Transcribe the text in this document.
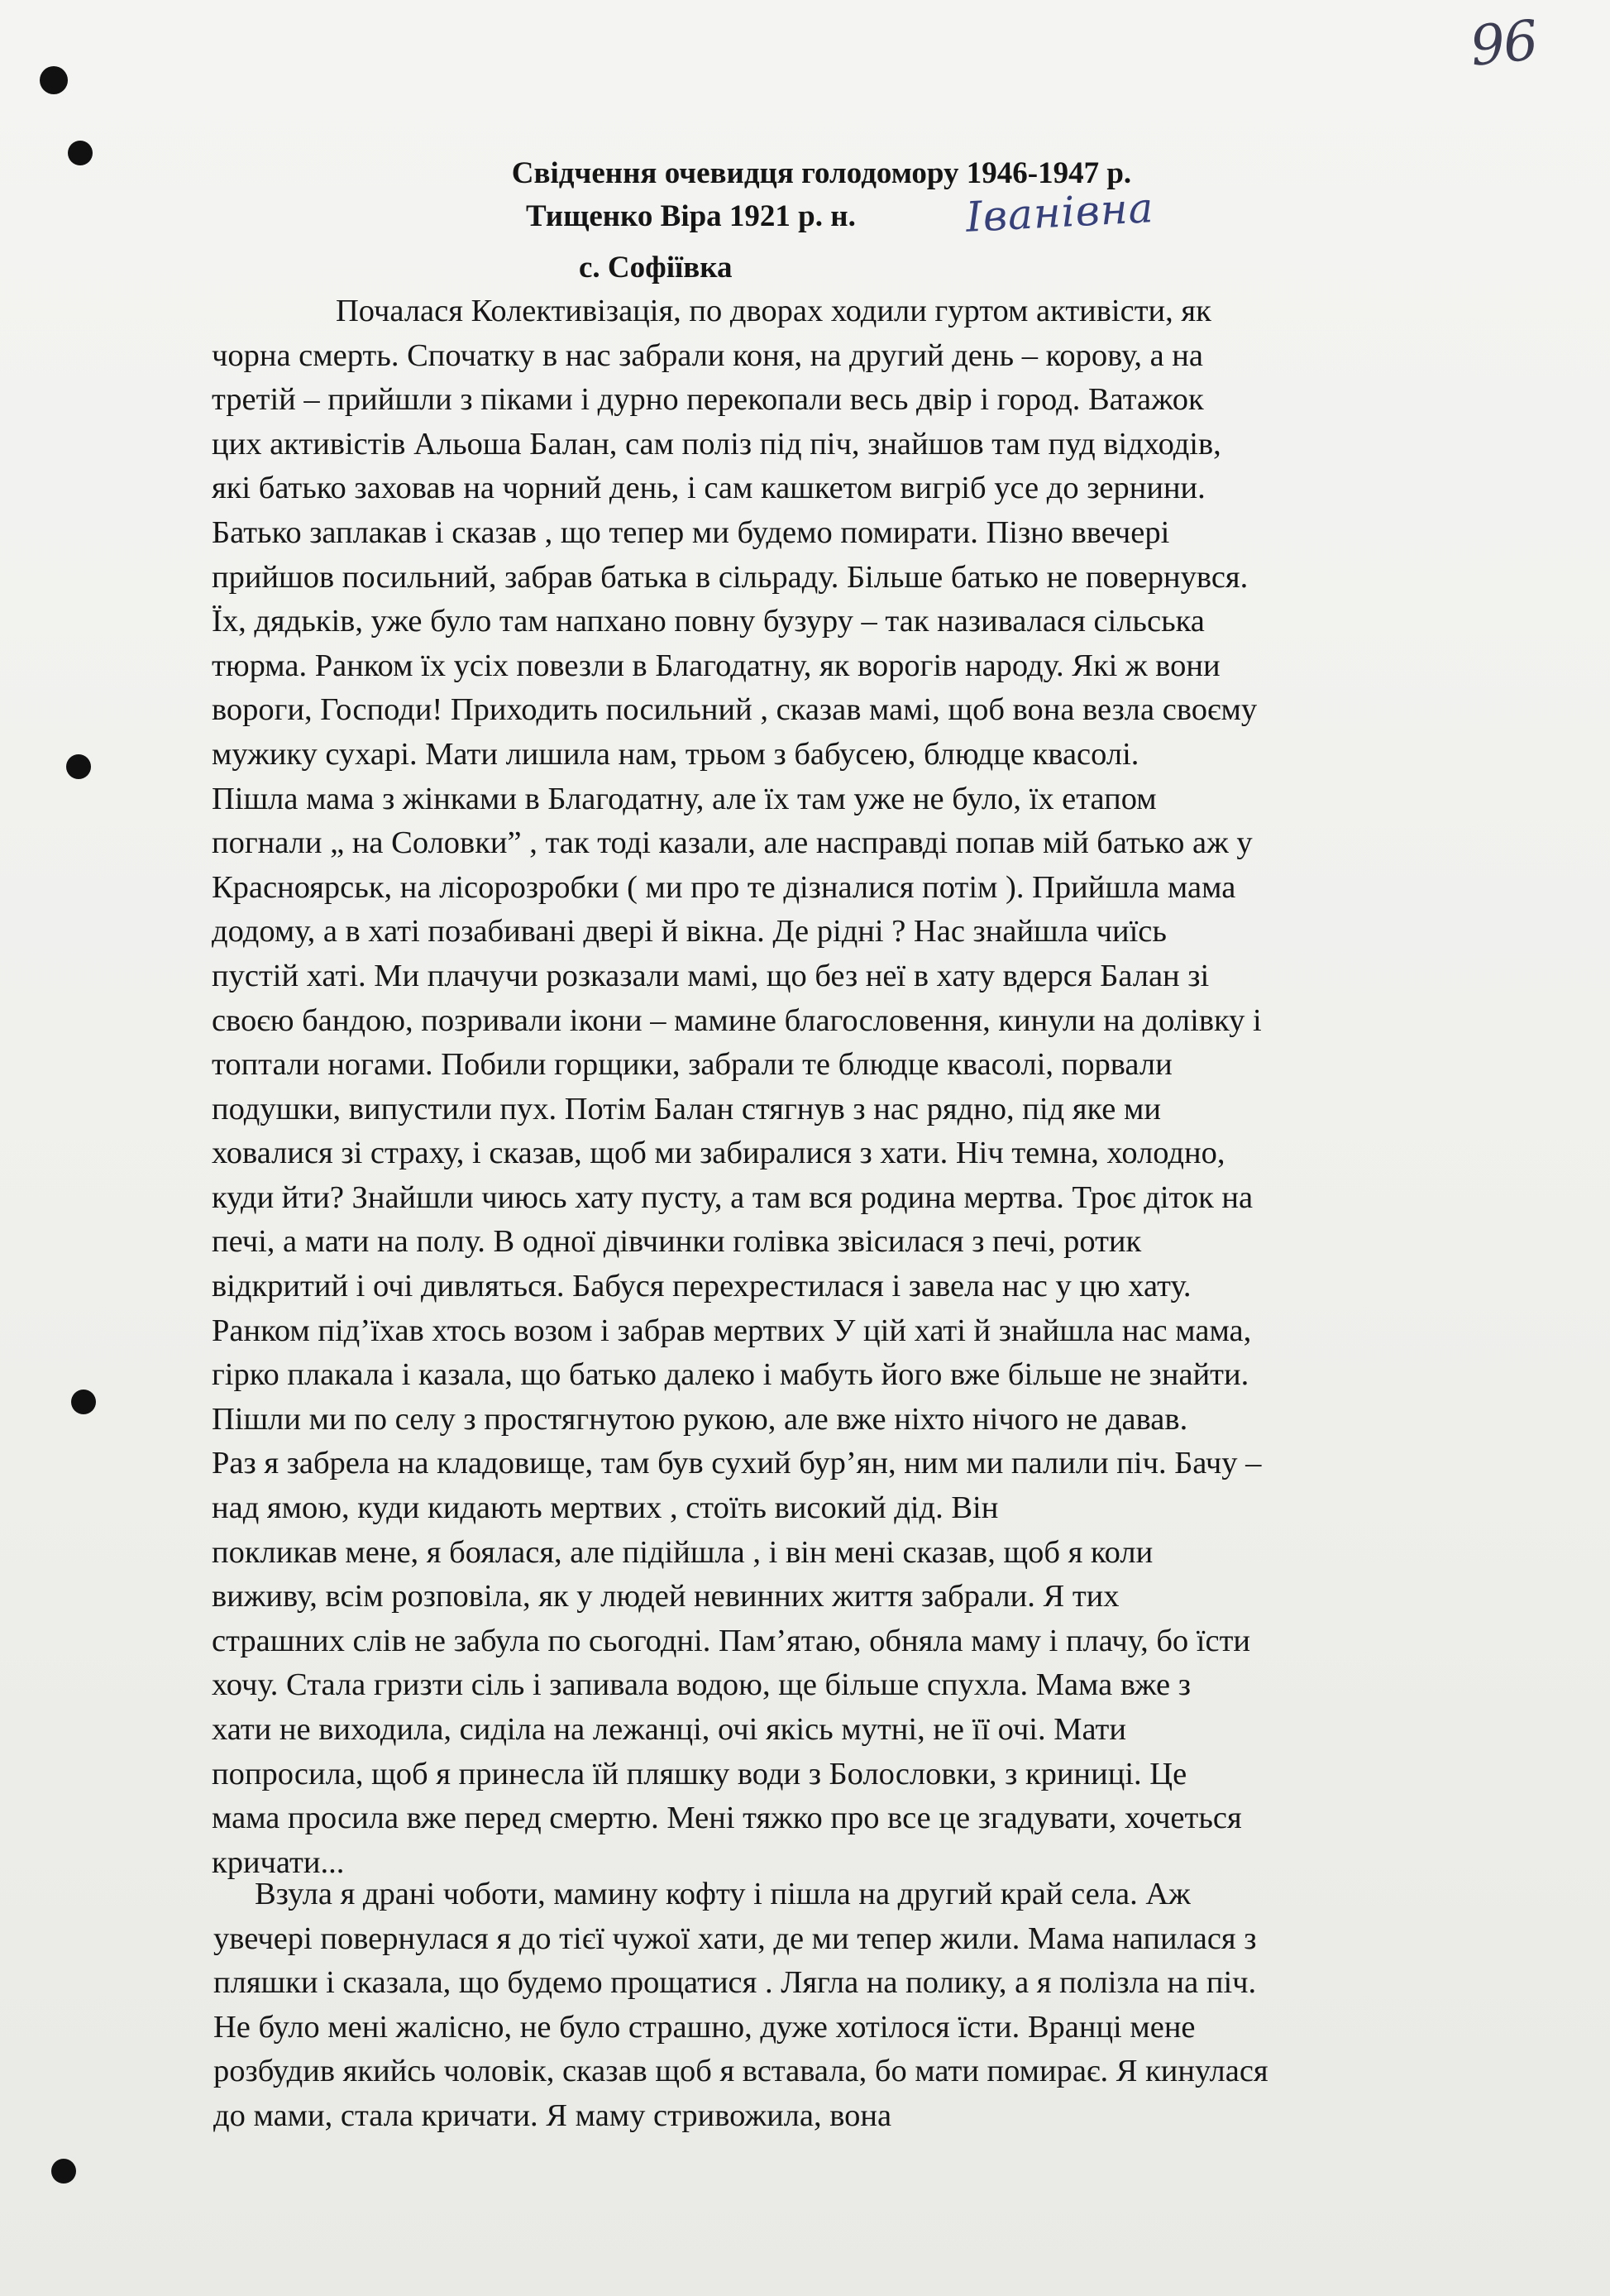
96
Свідчення очевидця голодомору 1946-1947 р.
Тищенко Віра 1921 р. н.	Іванівна
с. Софіївка
Почалася Колективізація, по дворах ходили гуртом активісти, як
чорна смерть. Спочатку в нас забрали коня, на другий день – корову, а на
третій – прийшли з піками і дурно перекопали весь двір і город. Ватажок
цих активістів Альоша Балан, сам поліз під піч, знайшов там пуд відходів,
які батько заховав на чорний день, і сам кашкетом вигріб усе до зернини.
Батько заплакав і сказав , що тепер ми будемо помирати. Пізно ввечері
прийшов посильний, забрав батька в сільраду. Більше батько не повернувся.
Їх, дядьків, уже було там напхано повну бузуру – так називалася сільська
тюрма. Ранком їх усіх повезли в Благодатну, як ворогів народу. Які ж вони
вороги, Господи! Приходить посильний , сказав мамі, щоб вона везла своєму
мужику сухарі. Мати лишила нам, трьом з бабусею, блюдце квасолі.
Пішла мама з жінками в Благодатну, але їх там уже не було, їх етапом
погнали „ на Соловки” , так тоді казали, але насправді попав мій батько аж у
Красноярськ, на лісорозробки ( ми про те дізналися потім ). Прийшла мама
додому, а в хаті позабивані двері й вікна. Де рідні ? Нас знайшла чиїсь
пустій хаті. Ми плачучи розказали мамі, що без неї в хату вдерся Балан зі
своєю бандою, позривали ікони – мамине благословення, кинули на долівку і
топтали ногами. Побили горщики, забрали те блюдце квасолі, порвали
подушки, випустили пух. Потім Балан стягнув з нас рядно, під яке ми
ховалися зі страху, і сказав, щоб ми забиралися з хати. Ніч темна, холодно,
куди йти? Знайшли чиюсь хату пусту, а там вся родина мертва. Троє діток на
печі, а мати на полу. В одної дівчинки голівка звісилася з печі, ротик
відкритий і очі дивляться. Бабуся перехрестилася і завела нас у цю хату.
Ранком під’їхав хтось возом і забрав мертвих У цій хаті й знайшла нас мама,
гірко плакала і казала, що батько далеко і мабуть його вже більше не знайти.
Пішли ми по селу з простягнутою рукою, але вже ніхто нічого не давав.
Раз я забрела на кладовище, там був сухий бур’ян, ним ми палили піч. Бачу –
над ямою, куди кидають мертвих , стоїть високий дід. Він
покликав мене, я боялася, але підійшла , і він мені сказав, щоб я коли
виживу, всім розповіла, як у людей невинних життя забрали. Я тих
страшних слів не забула по сьогодні. Пам’ятаю, обняла маму і плачу, бо їсти
хочу. Стала гризти сіль і запивала водою, ще більше спухла. Мама вже з
хати не виходила, сиділа на лежанці, очі якісь мутні, не її очі. Мати
попросила, щоб я принесла їй пляшку води з Болословки, з криниці. Це
мама просила вже перед смертю. Мені тяжко про все це згадувати, хочеться
кричати...
Взула я драні чоботи, мамину кофту і пішла на другий край села. Аж
увечері повернулася я до тієї чужої хати, де ми тепер жили. Мама напилася з
пляшки і сказала, що будемо прощатися . Лягла на полику, а я полізла на піч.
Не було мені жалісно, не було страшно, дуже хотілося їсти. Вранці мене
розбудив якийсь чоловік, сказав щоб я вставала, бо мати помирає. Я кинулася
до мами, стала кричати. Я маму стривожила, вона
